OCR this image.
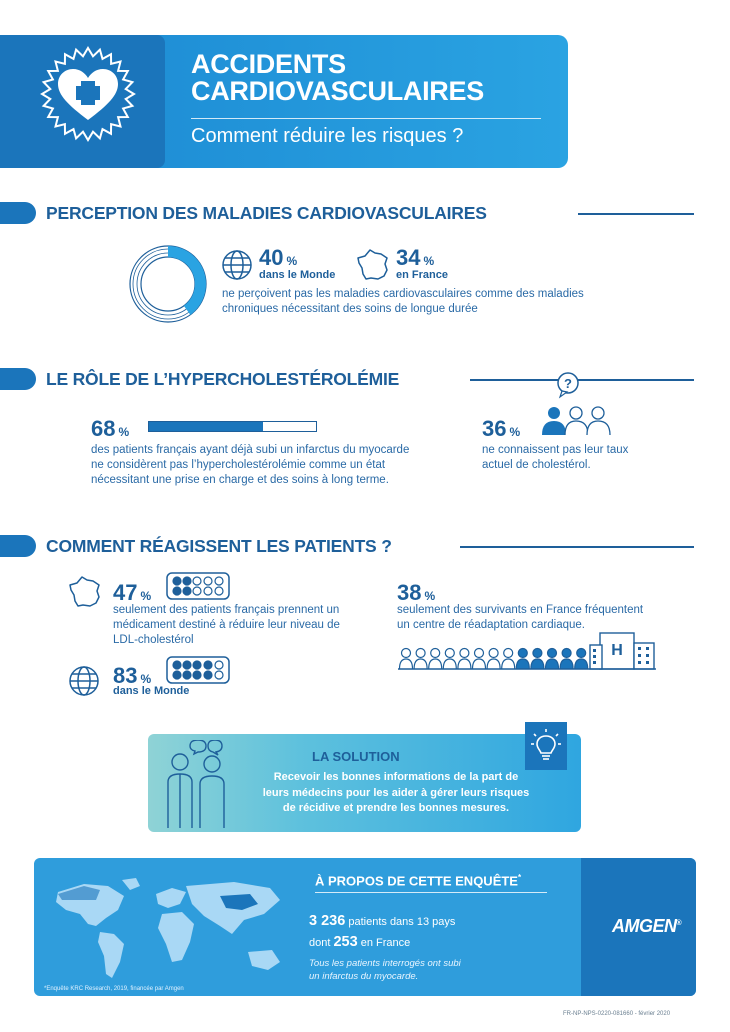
ACCIDENTS
CARDIOVASCULAIRES
Comment réduire les risques ?
PERCEPTION DES MALADIES CARDIOVASCULAIRES
40 %
dans le Monde
34 %
en France
ne perçoivent pas les maladies cardiovasculaires comme des maladies
chroniques nécessitant des soins de longue durée
LE RÔLE DE L’HYPERCHOLESTÉROLÉMIE
68 %
des patients français ayant déjà subi un infarctus du myocarde
ne considèrent pas l’hypercholestérolémie comme un état
nécessitant une prise en charge et des soins à long terme.
?
36 %
ne connaissent pas leur taux
actuel de cholestérol.
COMMENT RÉAGISSENT LES PATIENTS ?
47 %
seulement des patients français prennent un
médicament destiné à réduire leur niveau de
LDL-cholestérol
83 %
dans le Monde
38 %
seulement des survivants en France fréquentent
un centre de réadaptation cardiaque.
H
LA SOLUTION
Recevoir les bonnes informations de la part de
leurs médecins pour les aider à gérer leurs risques
de récidive et prendre les bonnes mesures.
À PROPOS DE CETTE ENQUÊTE*
3 236 patients dans 13 pays
dont 253 en France
Tous les patients interrogés ont subi
un infarctus du myocarde.
*Enquête KRC Research, 2019, financée par Amgen
AMGEN®
FR-NP-NPS-0220-081660 - février 2020
